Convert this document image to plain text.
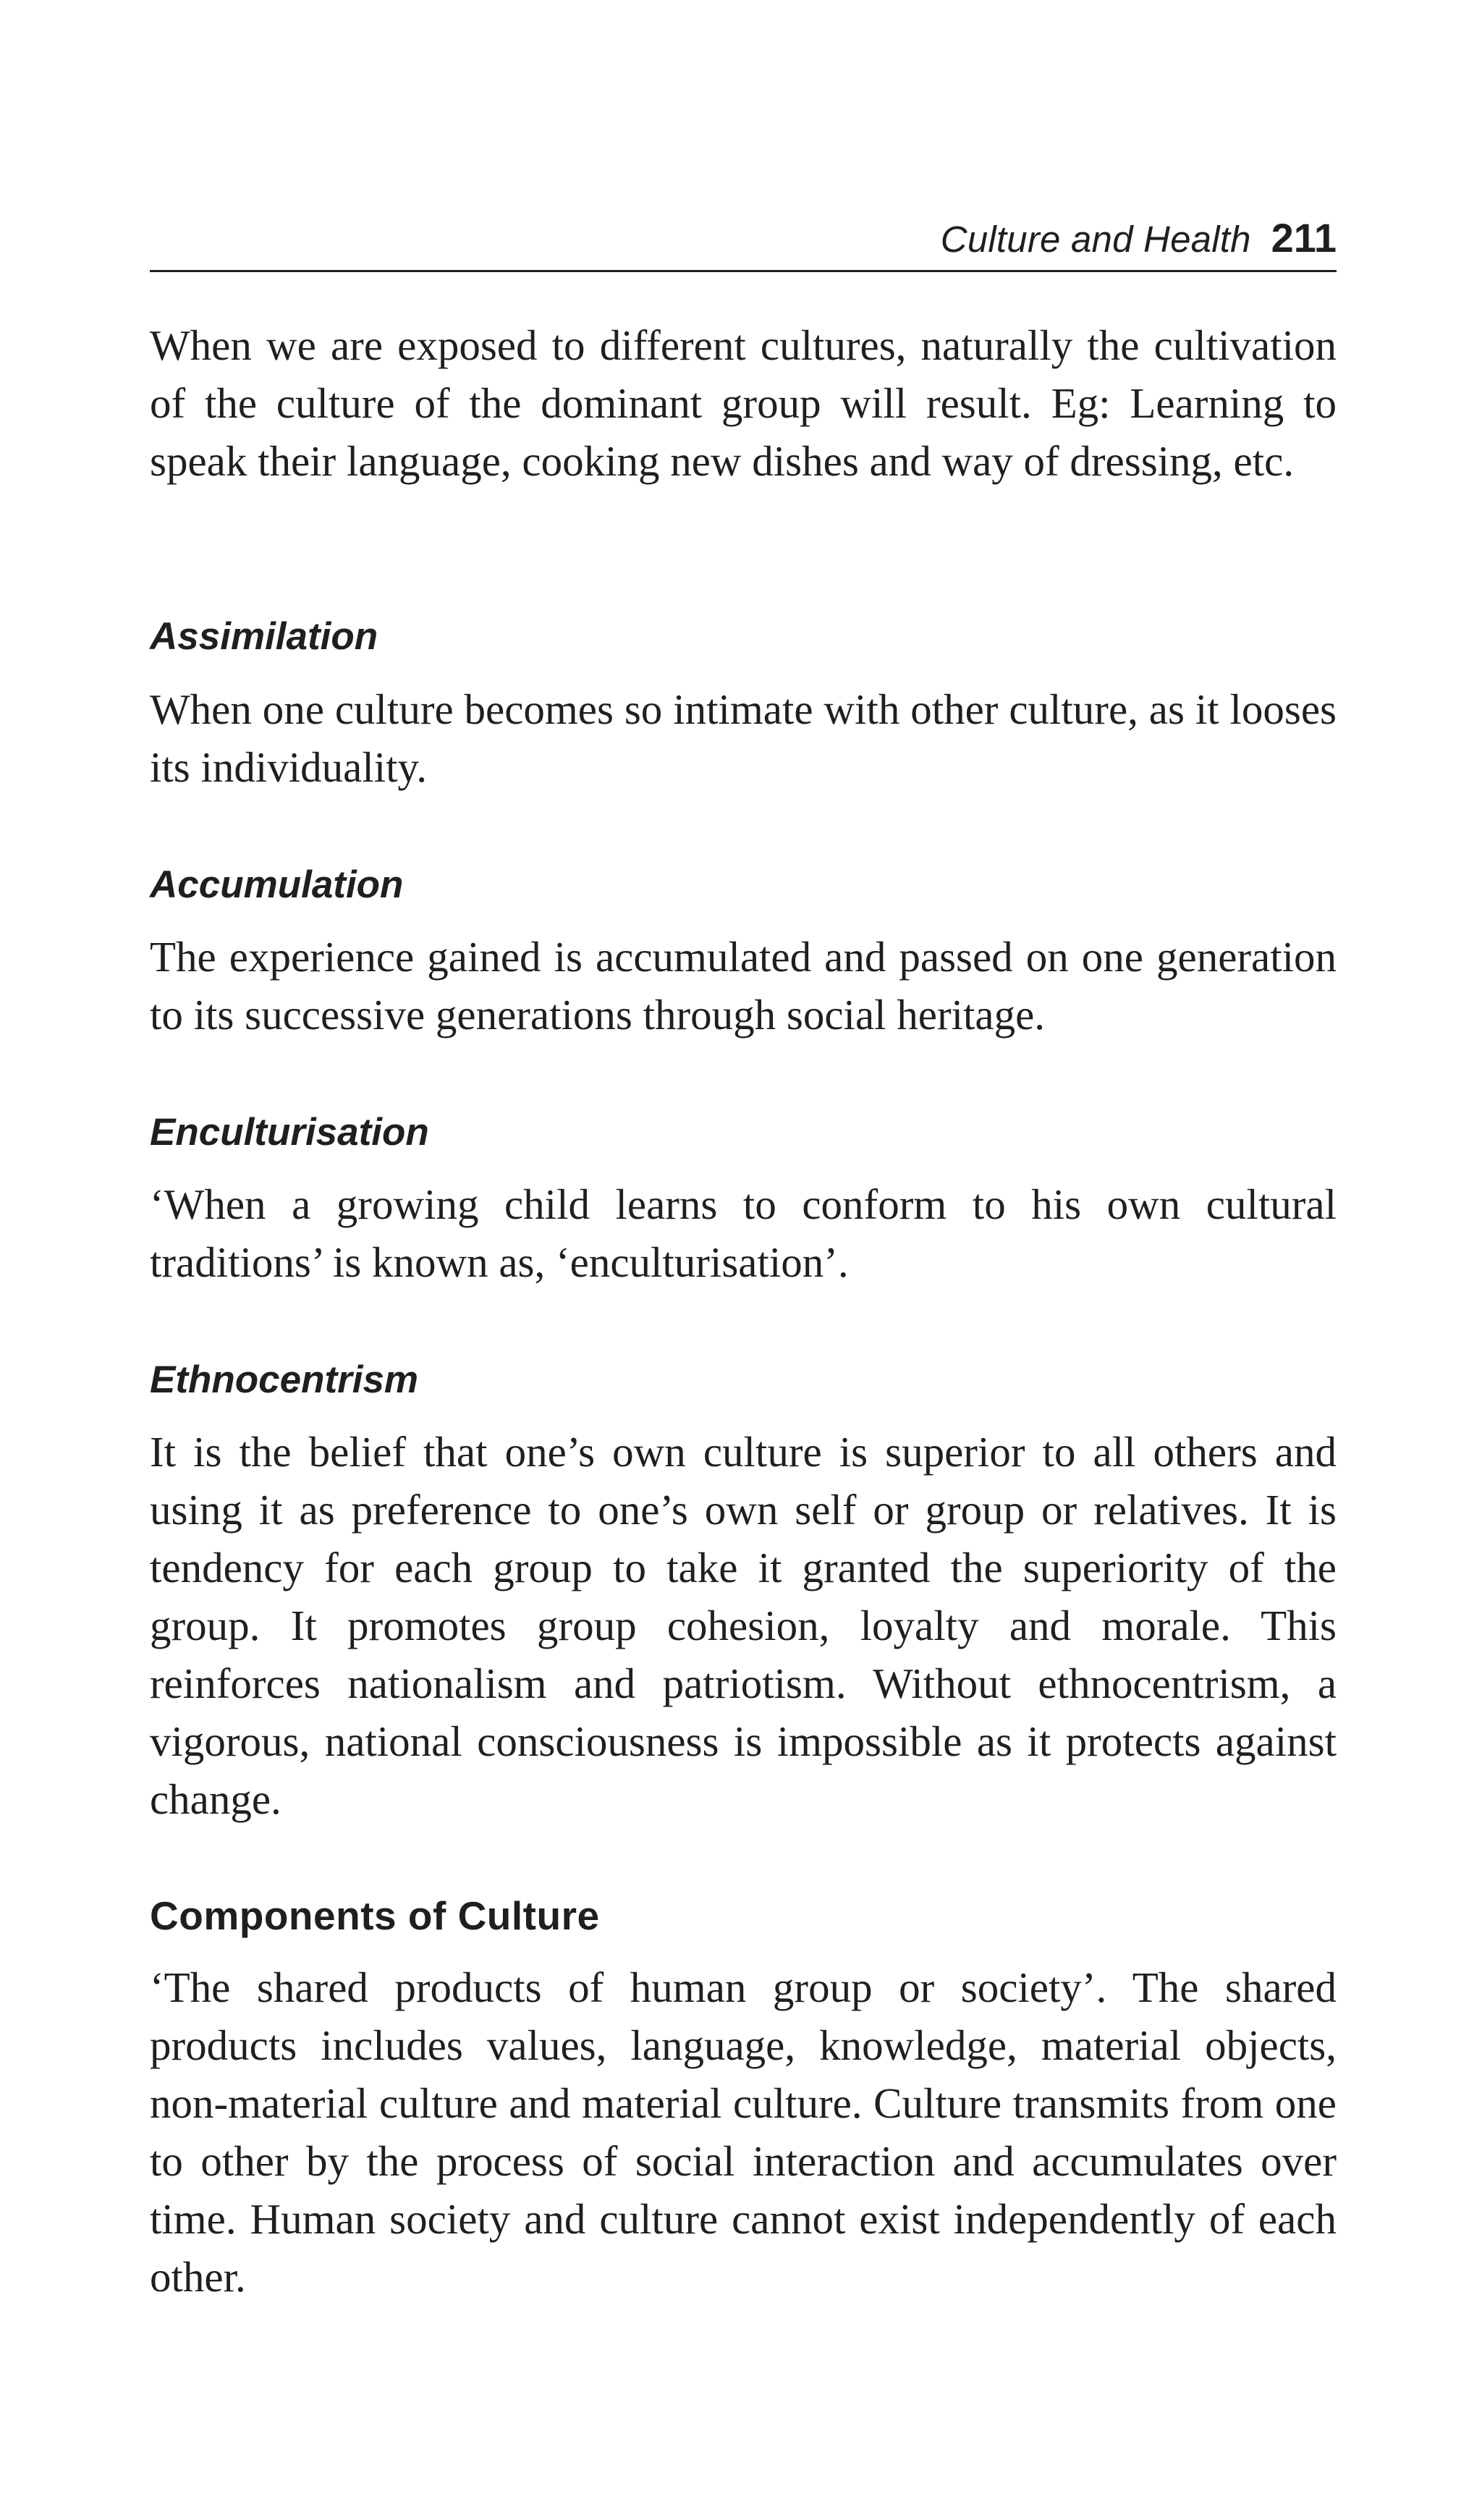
Culture and Health 211

When we are exposed to different cultures, naturally the cultivation of the culture of the dominant group will result. Eg: Learning to speak their language, cooking new dishes and way of dressing, etc.

Assimilation

When one culture becomes so intimate with other culture, as it looses its individuality.

Accumulation

The experience gained is accumulated and passed on one generation to its successive generations through social heritage.

Enculturisation

‘When a growing child learns to conform to his own cultural traditions’ is known as, ‘enculturisation’.

Ethnocentrism

It is the belief that one’s own culture is superior to all others and using it as preference to one’s own self or group or relatives. It is tendency for each group to take it granted the superiority of the group. It promotes group cohesion, loyalty and morale. This reinforces nationalism and patriotism. Without ethnocentrism, a vigorous, national consciousness is impossible as it protects against change.

Components of Culture

‘The shared products of human group or society’. The shared products includes values, language, knowledge, material objects, non-material culture and material culture. Culture transmits from one to other by the process of social interaction and accumulates over time. Human society and culture cannot exist independently of each other.
